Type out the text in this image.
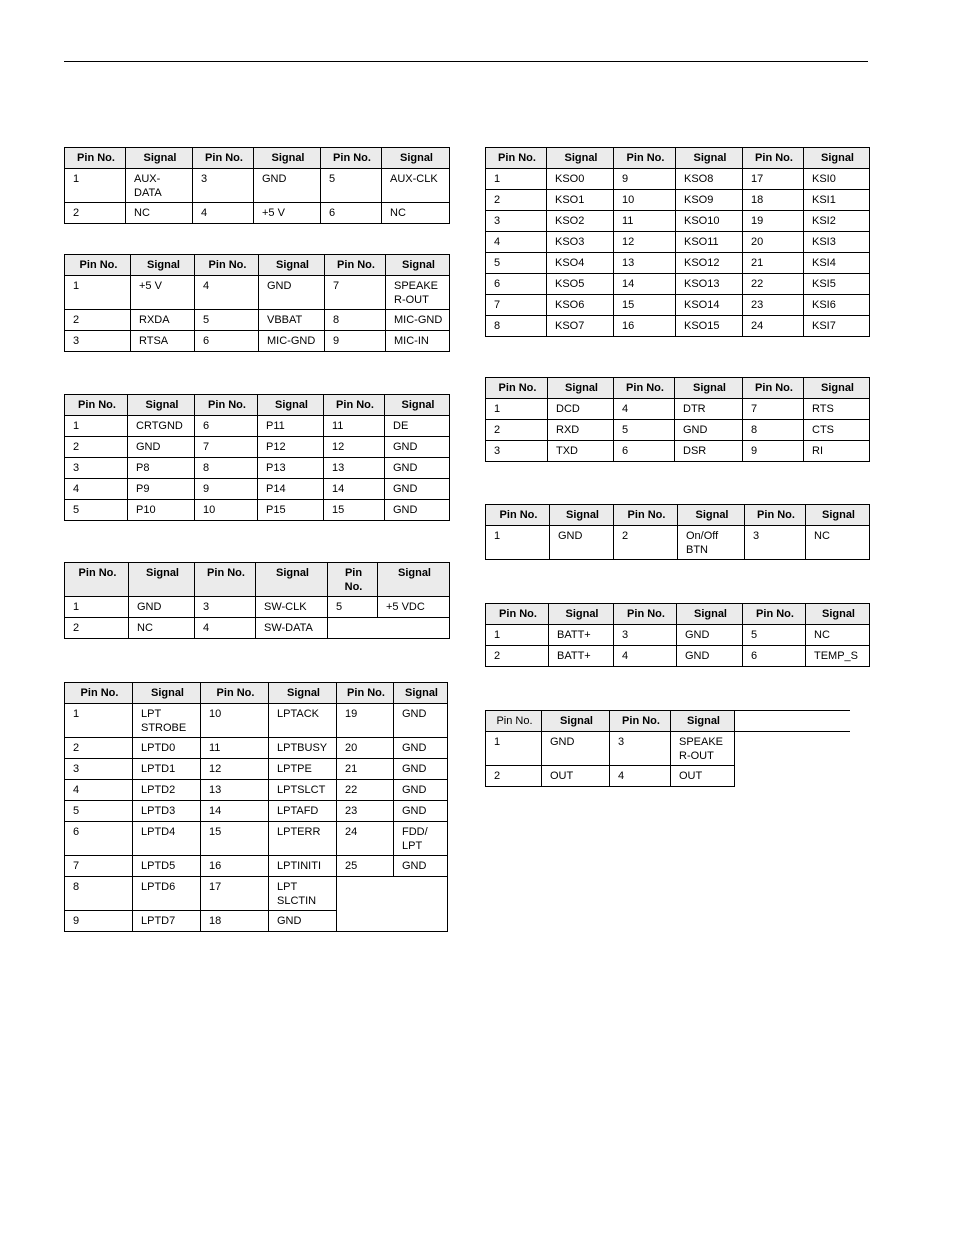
Pin No.	Signal	Pin No.	Signal	Pin No.	Signal
1	AUX-DATA	3	GND	5	AUX-CLK
2	NC	4	+5 V	6	NC
Pin No.	Signal	Pin No.	Signal	Pin No.	Signal
1	+5 V	4	GND	7	SPEAKER-OUT
2	RXDA	5	VBBAT	8	MIC-GND
3	RTSA	6	MIC-GND	9	MIC-IN
Pin No.	Signal	Pin No.	Signal	Pin No.	Signal
1	CRTGND	6	P11	11	DE
2	GND	7	P12	12	GND
3	P8	8	P13	13	GND
4	P9	9	P14	14	GND
5	P10	10	P15	15	GND
Pin No.	Signal	Pin No.	Signal	Pin No.	Signal
1	GND	3	SW-CLK	5	+5 VDC
2	NC	4	SW-DATA		
Pin No.	Signal	Pin No.	Signal	Pin No.	Signal
1	LPT STROBE	10	LPTACK	19	GND
2	LPTD0	11	LPTBUSY	20	GND
3	LPTD1	12	LPTPE	21	GND
4	LPTD2	13	LPTSLCT	22	GND
5	LPTD3	14	LPTAFD	23	GND
6	LPTD4	15	LPTERR	24	FDD/ LPT
7	LPTD5	16	LPTINITI	25	GND
8	LPTD6	17	LPT SLCTIN		
9	LPTD7	18	GND		
Pin No.	Signal	Pin No.	Signal	Pin No.	Signal
1	KSO0	9	KSO8	17	KSI0
2	KSO1	10	KSO9	18	KSI1
3	KSO2	11	KSO10	19	KSI2
4	KSO3	12	KSO11	20	KSI3
5	KSO4	13	KSO12	21	KSI4
6	KSO5	14	KSO13	22	KSI5
7	KSO6	15	KSO14	23	KSI6
8	KSO7	16	KSO15	24	KSI7
Pin No.	Signal	Pin No.	Signal	Pin No.	Signal
1	DCD	4	DTR	7	RTS
2	RXD	5	GND	8	CTS
3	TXD	6	DSR	9	RI
Pin No.	Signal	Pin No.	Signal	Pin No.	Signal
1	GND	2	On/Off BTN	3	NC
Pin No.	Signal	Pin No.	Signal	Pin No.	Signal
1	BATT+	3	GND	5	NC
2	BATT+	4	GND	6	TEMP_S
Pin No.	Signal	Pin No.	Signal	
1	GND	3	SPEAKER-OUT	
2	OUT	4	OUT	
